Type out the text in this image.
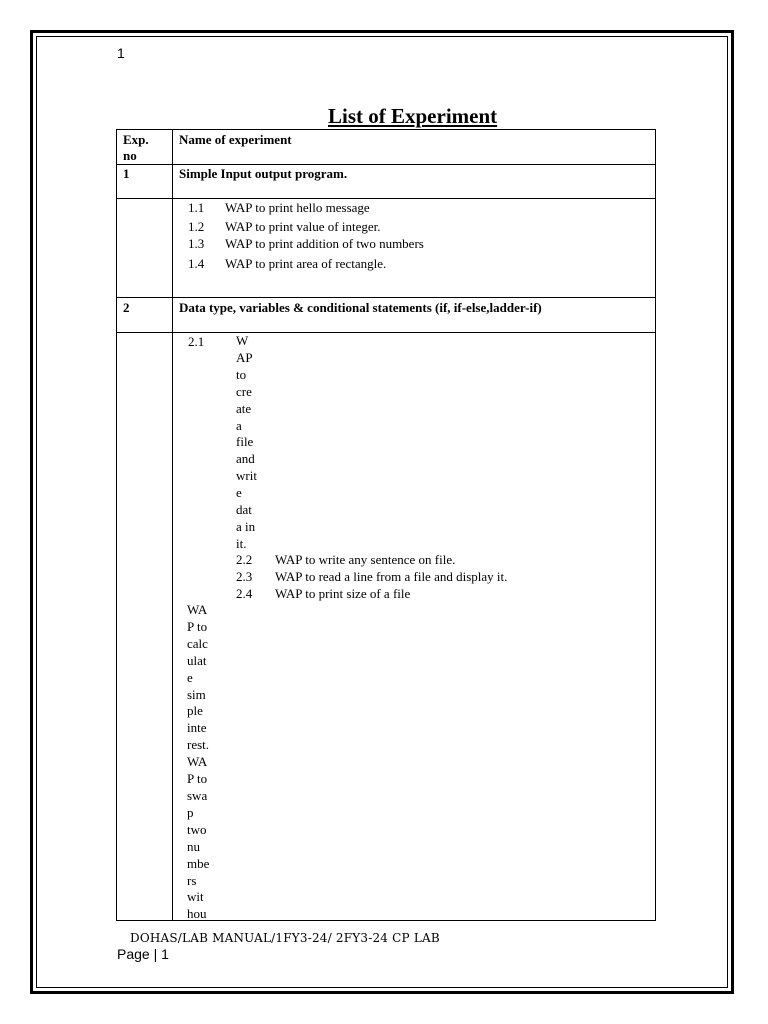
1
List of Experiment
Exp.
no
Name of experiment
1	Simple Input output program.
1.1 WAP to print hello message
1.2 WAP to print value of integer.
1.3 WAP to print addition of two numbers
1.4 WAP to print area of rectangle.
2	Data type, variables & conditional statements (if, if-else,ladder-if)
2.1 W
AP
to
cre
ate
a
file
and
writ
e
dat
a in
it.
2.2 WAP to write any sentence on file.
2.3 WAP to read a line from a file and display it.
2.4 WAP to print size of a file
WA
P to
calc
ulat
e
sim
ple
inte
rest.
WA
P to
swa
p
two
nu
mbe
rs
wit
hou
DOHAS/LAB MANUAL/1FY3-24/ 2FY3-24 CP LAB
Page | 1
